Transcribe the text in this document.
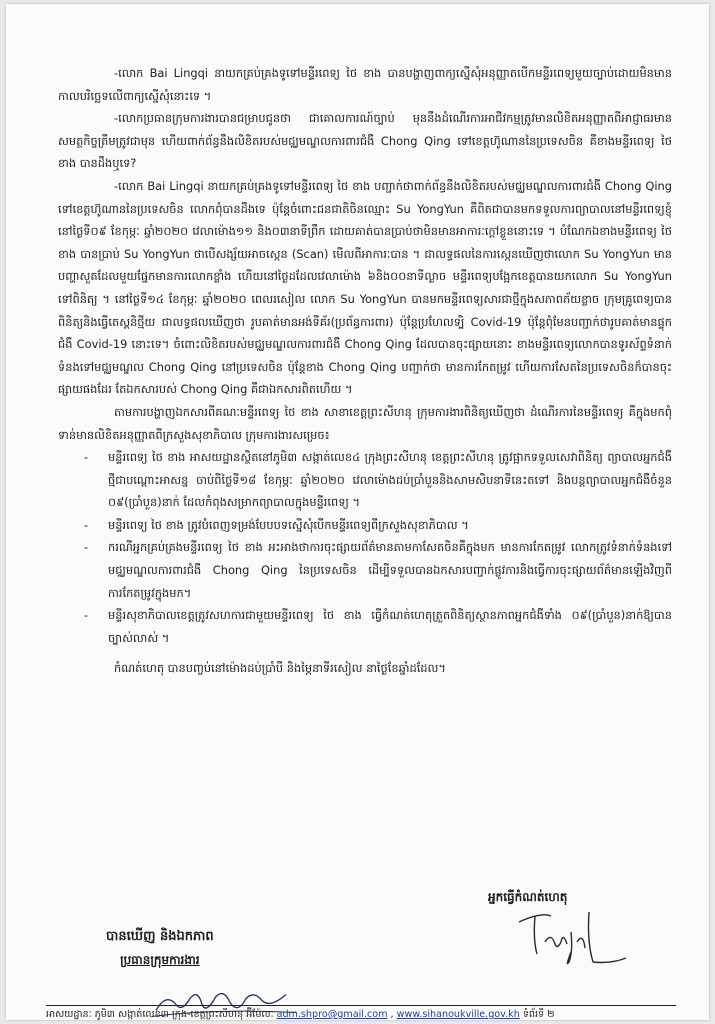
-លោក Bai Lingqi នាយកគ្រប់គ្រងទូទៅមន្ទីរពេទ្យ ថៃ ខាង បានបង្ហាញពាក្យស្នើសុំអនុញ្ញាតបើកមន្ទីរពេទ្យមួយច្បាប់ដោយមិនមានកាលបរិច្ឆេទលើពាក្យស្នើសុំនោះទេ ។

-លោកប្រធានក្រុមការងារបានជម្រាបជូនថា ជាគោលការណ៍ច្បាប់ មុននឹងដំណើរការអាជីវកម្មត្រូវមានលិខិតអនុញ្ញាតពីអាជ្ញាធរមានសមត្ថកិច្ចត្រឹមត្រូវជាមុន ហើយពាក់ព័ន្ធនឹងលិខិតរបស់មជ្ឈមណ្ឌលការពារជំងឺ Chong Qing ទៅខេត្តហ៊ូណាននៃប្រទេសចិន គឺខាងមន្ទីរពេទ្យ ថៃ ខាង បានដឹងឬទេ?

-លោក Bai Lingqi នាយកគ្រប់គ្រងទូទៅមន្ទីរពេទ្យ ថៃ ខាង បញ្ជាក់ថាពាក់ព័ន្ធនឹងលិខិតរបស់មជ្ឈមណ្ឌលការពារជំងឺ Chong Qing ទៅខេត្តហ៊ូណាននៃប្រទេសចិន លោកពុំបានដឹងទេ ប៉ុន្តែចំពោះជនជាតិចិនឈ្មោះ Su YongYun គឺពិតជាបានមកទទួលការព្យាបាលនៅមន្ទីរពេទ្យខ្ញុំនៅថ្ងៃទី០៩ ខែកុម្ភៈ ឆ្នាំ២០២០ វេលាម៉ោង១១ និង០៣នាទីព្រឹក ដោយគាត់បានប្រាប់ថាមិនមានអាការៈក្ដៅខ្លួននោះទេ ។ បំណែកឯខាងមន្ទីរពេទ្យ ថៃ ខាង បានប្រាប់ Su YongYun ថាបើសង្ស័យអាចស្កេន (Scan) មើលពីអាការៈបាន ។ ជាលទ្ធផលនៃការស្កេនឃើញថាលោក Su YongYun មានបញ្ហាសួតដែលមួយផ្នែកមានការលោកខ្លាំង ហើយនៅថ្ងៃដដែលវេលាម៉ោង ៦និង០០នាទីល្ងាច មន្ទីរពេទ្យបង្អែកខេត្តបានយកលោក Su YongYun ទៅពិនិត្យ ។ នៅថ្ងៃទី១៤ ខែកុម្ភៈ ឆ្នាំ២០២០ ពេលរសៀល លោក Su YongYun បានមកមន្ទីរពេទ្យសារជាថ្មីក្នុងសភាពភ័យខ្លាច ក្រុមគ្រូពេទ្យបានពិនិត្យនិងធ្វើតេស្ដនិថ្មីយ ជាលទ្ធផលឃើញថា រូបគាត់មានអង់ទីគ័រ(ប្រព័ន្ធការពារ) ប៉ុន្តែប្រហែលទ្បិ Covid-19 ប៉ុន្តែពុំមែនបញ្ជាក់ថារូបគាត់មានផ្ទុកជំងឺ Covid-19 នោះទេ។ ចំពោះលិខិតរបស់មជ្ឈមណ្ឌលការពារជំងឺ Chong Qing ដែលបានចុះផ្សាយនោះ ខាងមន្ទីរពេទ្យលោកបានទូរស័ព្ទទំនាក់ទំនងទៅមជ្ឈមណ្ឌល Chong Qing នៅប្រទេសចិន ប៉ុន្តែខាង Chong Qing បញ្ជាក់ថា មានការកែតម្រូវ ហើយការសែតនៃប្រទេសចិនក៏បានចុះផ្សាយផងដែរ តែឯកសារបស់ Chong Qing គឺជាឯកសារពិតហើយ ។

តាមការបង្ហាញឯកសារពីគណៈមន្ទីរពេទ្យ ថៃ ខាង សាខាខេត្តព្រះសីហនុ ក្រុមការងារពិនិត្យឃើញថា ដំណើរការនៃមន្ទីរពេទ្យ គឺក្នុងមកពុំទាន់មានលិខិតអនុញ្ញាតពីក្រសួងសុខាភិបាល ក្រុមការងារសម្រេច៖

- មន្ទីរពេទ្យ ថៃ ខាង អាសយដ្ឋានស្ថិតនៅភូមិ៣ សង្កាត់លេខ៤ ក្រុងព្រះសីហនុ ខេត្តព្រះសីហនុ ត្រូវផ្អាកទទួលសេវាពិនិត្យ ព្យាបាលអ្នកជំងឺថ្មីជាបណ្ដោះអាសន្ន ចាប់ពីថ្ងៃទី១៨ ខែកុម្ភៈ ឆ្នាំ២០២០ វេលាម៉ោងដប់ប្រាំបួននិងសាមសិបនាទីនេះតទៅ និងបន្តព្យាបាលអ្នកជំងឺចំនួន ០៩(ប្រាំបួន)នាក់ ដែលកំពុងសម្រាកព្យាបាលក្នុងមន្ទីរពេទ្យ ។
- មន្ទីរពេទ្យ ថៃ ខាង ត្រូវបំពេញទម្រង់បែបបទស្នើសុំបើកមន្ទីរពេទ្យពីក្រសួងសុខាភិបាល ។
- ករណីអ្នកគ្រប់គ្រងមន្ទីរពេទ្យ ថៃ ខាង អះអាងថាការចុះផ្សាយព័ត៌មានតាមកាសែតចិនគឺក្នុងមក មានការកែតម្រូវ លោកត្រូវទំនាក់ទំនងទៅមជ្ឈមណ្ឌលការពារជំងឺ Chong Qing នៃប្រទេសចិន ដើម្បីទទួលបានឯកសារបញ្ជាក់ផ្លូវការនិងធ្វើការចុះផ្សាយព័ត៌មានឡើងវិញពីការកែតម្រូវក្នុងមក។
- មន្ទីរសុខាភិបាលខេត្តត្រូវសហការជាមួយមន្ទីរពេទ្យ ថៃ ខាង ធ្វើកំណត់ហេតុត្រួតពិនិត្យស្ថានភាពអ្នកជំងឺទាំង ០៩(ប្រាំបួន)នាក់ឱ្យបានច្បាស់លាស់ ។

កំណត់ហេតុ បានបញ្ចប់នៅម៉ោងដប់ប្រាំបី និងម្ភៃនាទីរសៀល នាថ្ងៃខែឆ្នាំដដែល។

អ្នកធ្វើកំណត់ហេតុ
បានឃើញ និងឯកភាព
ប្រធានក្រុមការងារ
អាសយដ្ឋានៈ ភូមិ៣ សង្កាត់លេខ៣ ក្រុង-ខេត្តព្រះសីហនុ អ៊ីម៉ែលៈ adm.shpro@gmail.com , www.sihanoukville.gov.kh ទំព័រទី ២
